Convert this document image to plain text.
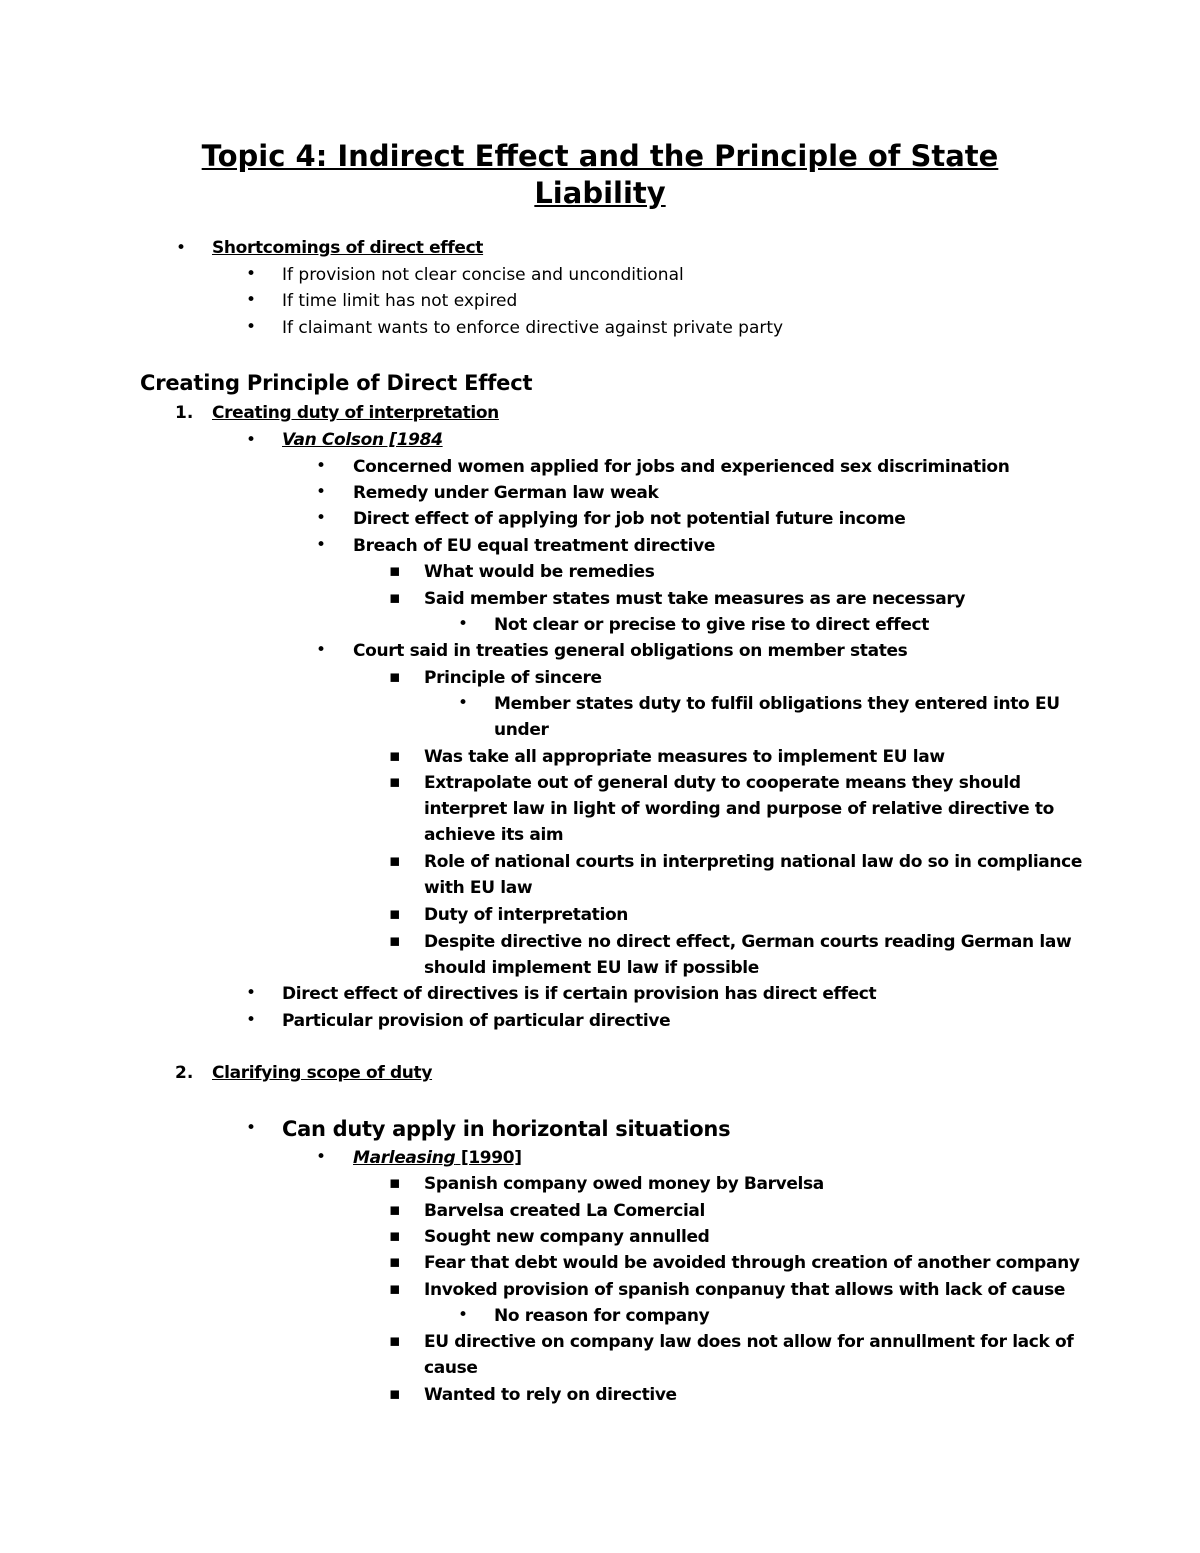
Topic 4: Indirect Effect and the Principle of State Liability
•
Shortcomings of direct effect
•
If provision not clear concise and unconditional
•
If time limit has not expired
•
If claimant wants to enforce directive against private party
Creating Principle of Direct Effect
1. Creating duty of interpretation
•
Van Colson [1984
•
Concerned women applied for jobs and experienced sex discrimination
•
Remedy under German law weak
•
Direct effect of applying for job not potential future income
•
Breach of EU equal treatment directive
▪
What would be remedies
▪
Said member states must take measures as are necessary
•
Not clear or precise to give rise to direct effect
•
Court said in treaties general obligations on member states
▪
Principle of sincere
•
Member states duty to fulfil obligations they entered into EU
under
▪
Was take all appropriate measures to implement EU law
▪
Extrapolate out of general duty to cooperate means they should
interpret law in light of wording and purpose of relative directive to
achieve its aim
▪
Role of national courts in interpreting national law do so in compliance
with EU law
▪
Duty of interpretation
▪
Despite directive no direct effect, German courts reading German law
should implement EU law if possible
•
Direct effect of directives is if certain provision has direct effect
•
Particular provision of particular directive
2. Clarifying scope of duty
•
Can duty apply in horizontal situations
•
Marleasing [1990]
▪
Spanish company owed money by Barvelsa
▪
Barvelsa created La Comercial
▪
Sought new company annulled
▪
Fear that debt would be avoided through creation of another company
▪
Invoked provision of spanish conpanuy that allows with lack of cause
•
No reason for company
▪
EU directive on company law does not allow for annullment for lack of
cause
▪
Wanted to rely on directive
